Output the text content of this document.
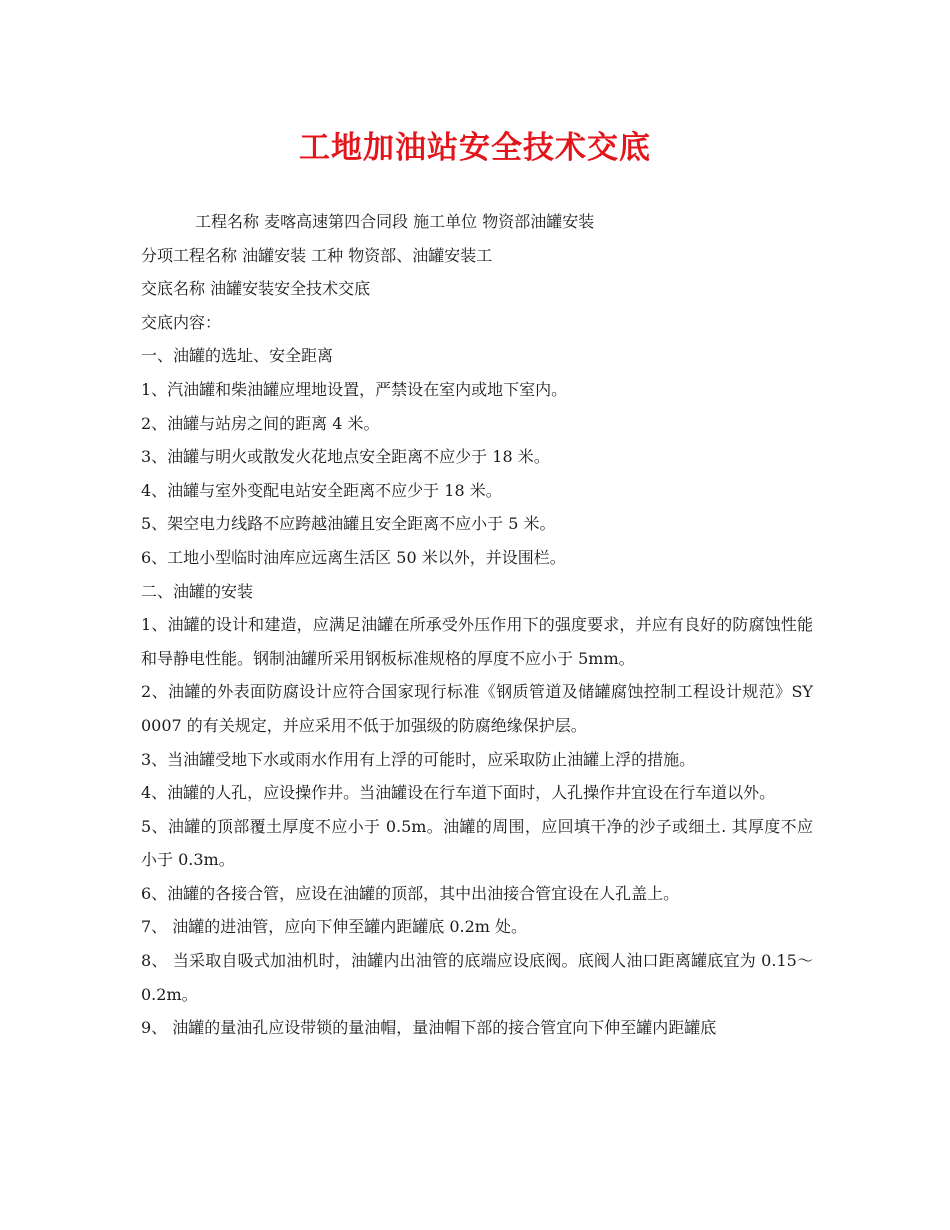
工地加油站安全技术交底
工程名称 麦喀高速第四合同段 施工单位 物资部油罐安装
分项工程名称 油罐安装 工种 物资部、油罐安装工
交底名称 油罐安装安全技术交底
交底内容：
一、油罐的选址、安全距离
1、汽油罐和柴油罐应埋地设置，严禁设在室内或地下室内。
2、油罐与站房之间的距离 4 米。
3、油罐与明火或散发火花地点安全距离不应少于 18 米。
4、油罐与室外变配电站安全距离不应少于 18 米。
5、架空电力线路不应跨越油罐且安全距离不应小于 5 米。
6、工地小型临时油库应远离生活区 50 米以外，并设围栏。
二、油罐的安装
1、油罐的设计和建造，应满足油罐在所承受外压作用下的强度要求，并应有良好的防腐蚀性能和导静电性能。钢制油罐所采用钢板标准规格的厚度不应小于 5mm。
2、油罐的外表面防腐设计应符合国家现行标准《钢质管道及储罐腐蚀控制工程设计规范》SY 0007 的有关规定，并应采用不低于加强级的防腐绝缘保护层。
3、当油罐受地下水或雨水作用有上浮的可能时，应采取防止油罐上浮的措施。
4、油罐的人孔，应设操作井。当油罐设在行车道下面时，人孔操作井宜设在行车道以外。
5、油罐的顶部覆土厚度不应小于 0.5m。油罐的周围，应回填干净的沙子或细土. 其厚度不应小于 0.3m。
6、油罐的各接合管，应设在油罐的顶部，其中出油接合管宜设在人孔盖上。
7、 油罐的进油管，应向下伸至罐内距罐底 0.2m 处。
8、 当采取自吸式加油机时，油罐内出油管的底端应设底阀。底阀人油口距离罐底宜为 0.15～0.2m。
9、 油罐的量油孔应设带锁的量油帽，量油帽下部的接合管宜向下伸至罐内距罐底
